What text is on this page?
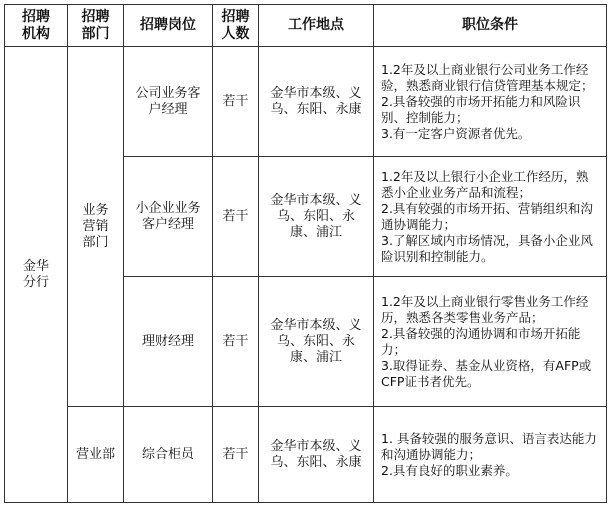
招聘机构	招聘部门	招聘岗位	招聘人数	工作地点	职位条件
金华分行	业务营销部门	公司业务客户经理	若干	金华市本级、义乌、东阳、永康	1.2年及以上商业银行公司业务工作经验，熟悉商业银行信贷管理基本规定；
2.具备较强的市场开拓能力和风险识别、控制能力；
3.有一定客户资源者优先。

		小企业业务客户经理	若干	金华市本级、义乌、东阳、永康、浦江	1.2年及以上银行小企业工作经历，熟悉小企业业务产品和流程；
2.具有较强的市场开拓、营销组织和沟通协调能力；
3.了解区域内市场情况，具备小企业风险识别和控制能力。

		理财经理	若干	金华市本级、义乌、东阳、永康、浦江	1.2年及以上商业银行零售业务工作经历，熟悉各类零售业务产品；
2.具备较强的沟通协调和市场开拓能力；
3.取得证券、基金从业资格，有AFP或CFP证书者优先。

	营业部	综合柜员	若干	金华市本级、义乌、东阳、永康	1. 具备较强的服务意识、语言表达能力和沟通协调能力；
2.具有良好的职业素养。
